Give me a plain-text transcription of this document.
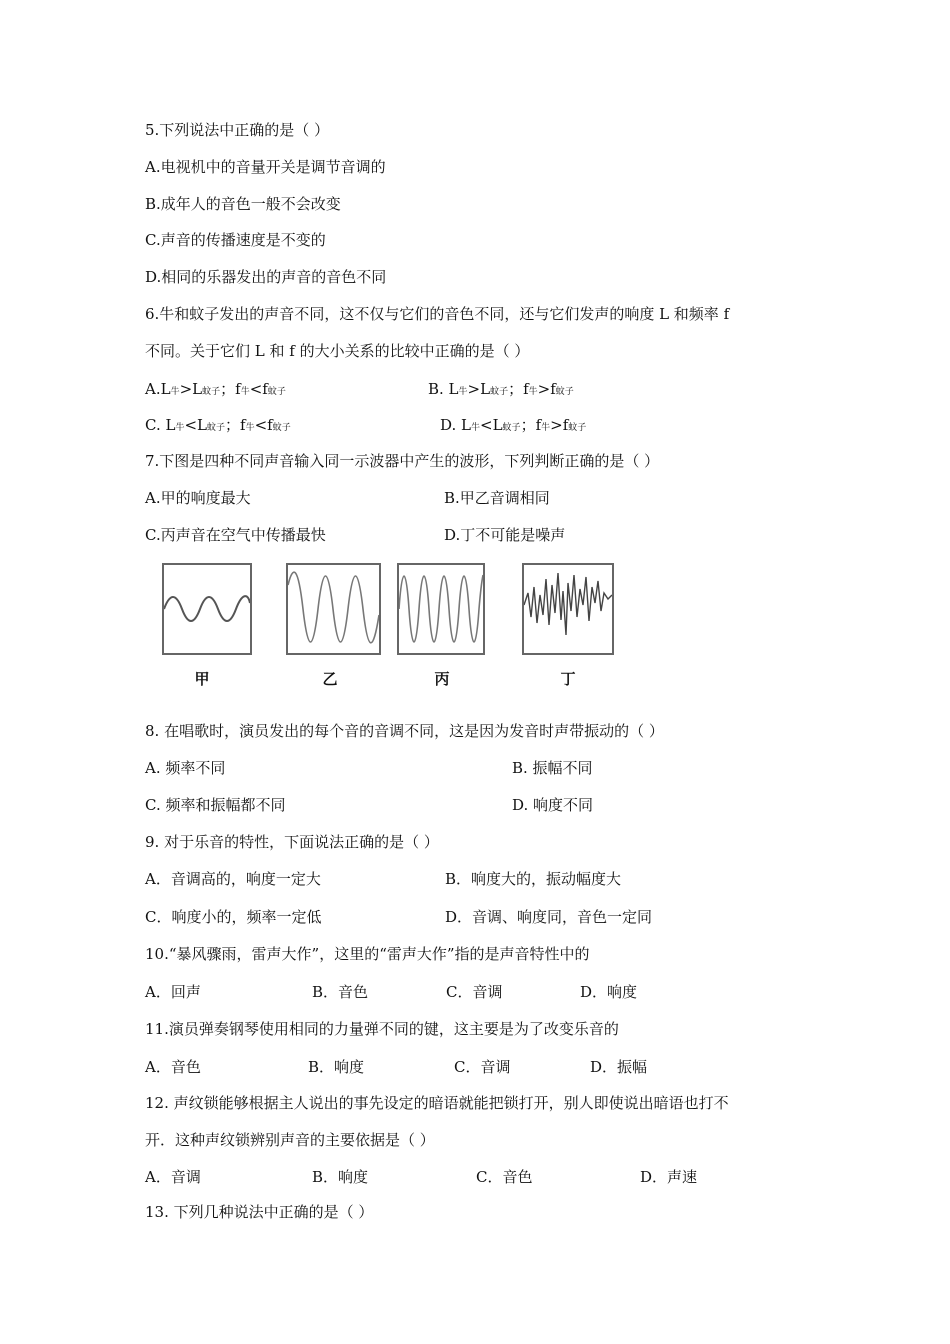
5.下列说法中正确的是（ ）
A.电视机中的音量开关是调节音调的
B.成年人的音色一般不会改变
C.声音的传播速度是不变的
D.相同的乐器发出的声音的音色不同
6.牛和蚊子发出的声音不同，这不仅与它们的音色不同，还与它们发声的响度 L 和频率 f
不同。关于它们 L 和 f 的大小关系的比较中正确的是（ ）
A.L牛>L蚊子；f牛<f蚊子	B. L牛>L蚊子；f牛>f蚊子
C. L牛<L蚊子；f牛<f蚊子	D. L牛<L蚊子；f牛>f蚊子
7.下图是四种不同声音输入同一示波器中产生的波形，下列判断正确的是（ ）
A.甲的响度最大	B.甲乙音调相同
C.丙声音在空气中传播最快	D.丁不可能是噪声
甲	乙	丙	丁
8. 在唱歌时，演员发出的每个音的音调不同，这是因为发音时声带振动的（ ）
A. 频率不同	B. 振幅不同
C. 频率和振幅都不同	D. 响度不同
9. 对于乐音的特性，下面说法正确的是（ ）
A．音调高的，响度一定大	B．响度大的，振动幅度大
C．响度小的，频率一定低	D．音调、响度同，音色一定同
10.“暴风骤雨，雷声大作”，这里的“雷声大作”指的是声音特性中的
A．回声	B．音色	C．音调	D．响度
11.演员弹奏钢琴使用相同的力量弹不同的键，这主要是为了改变乐音的
A．音色	B．响度	C．音调	D．振幅
12. 声纹锁能够根据主人说出的事先设定的暗语就能把锁打开，别人即使说出暗语也打不
开．这种声纹锁辨别声音的主要依据是（ ）
A．音调	B．响度	C．音色	D．声速
13. 下列几种说法中正确的是（ ）
